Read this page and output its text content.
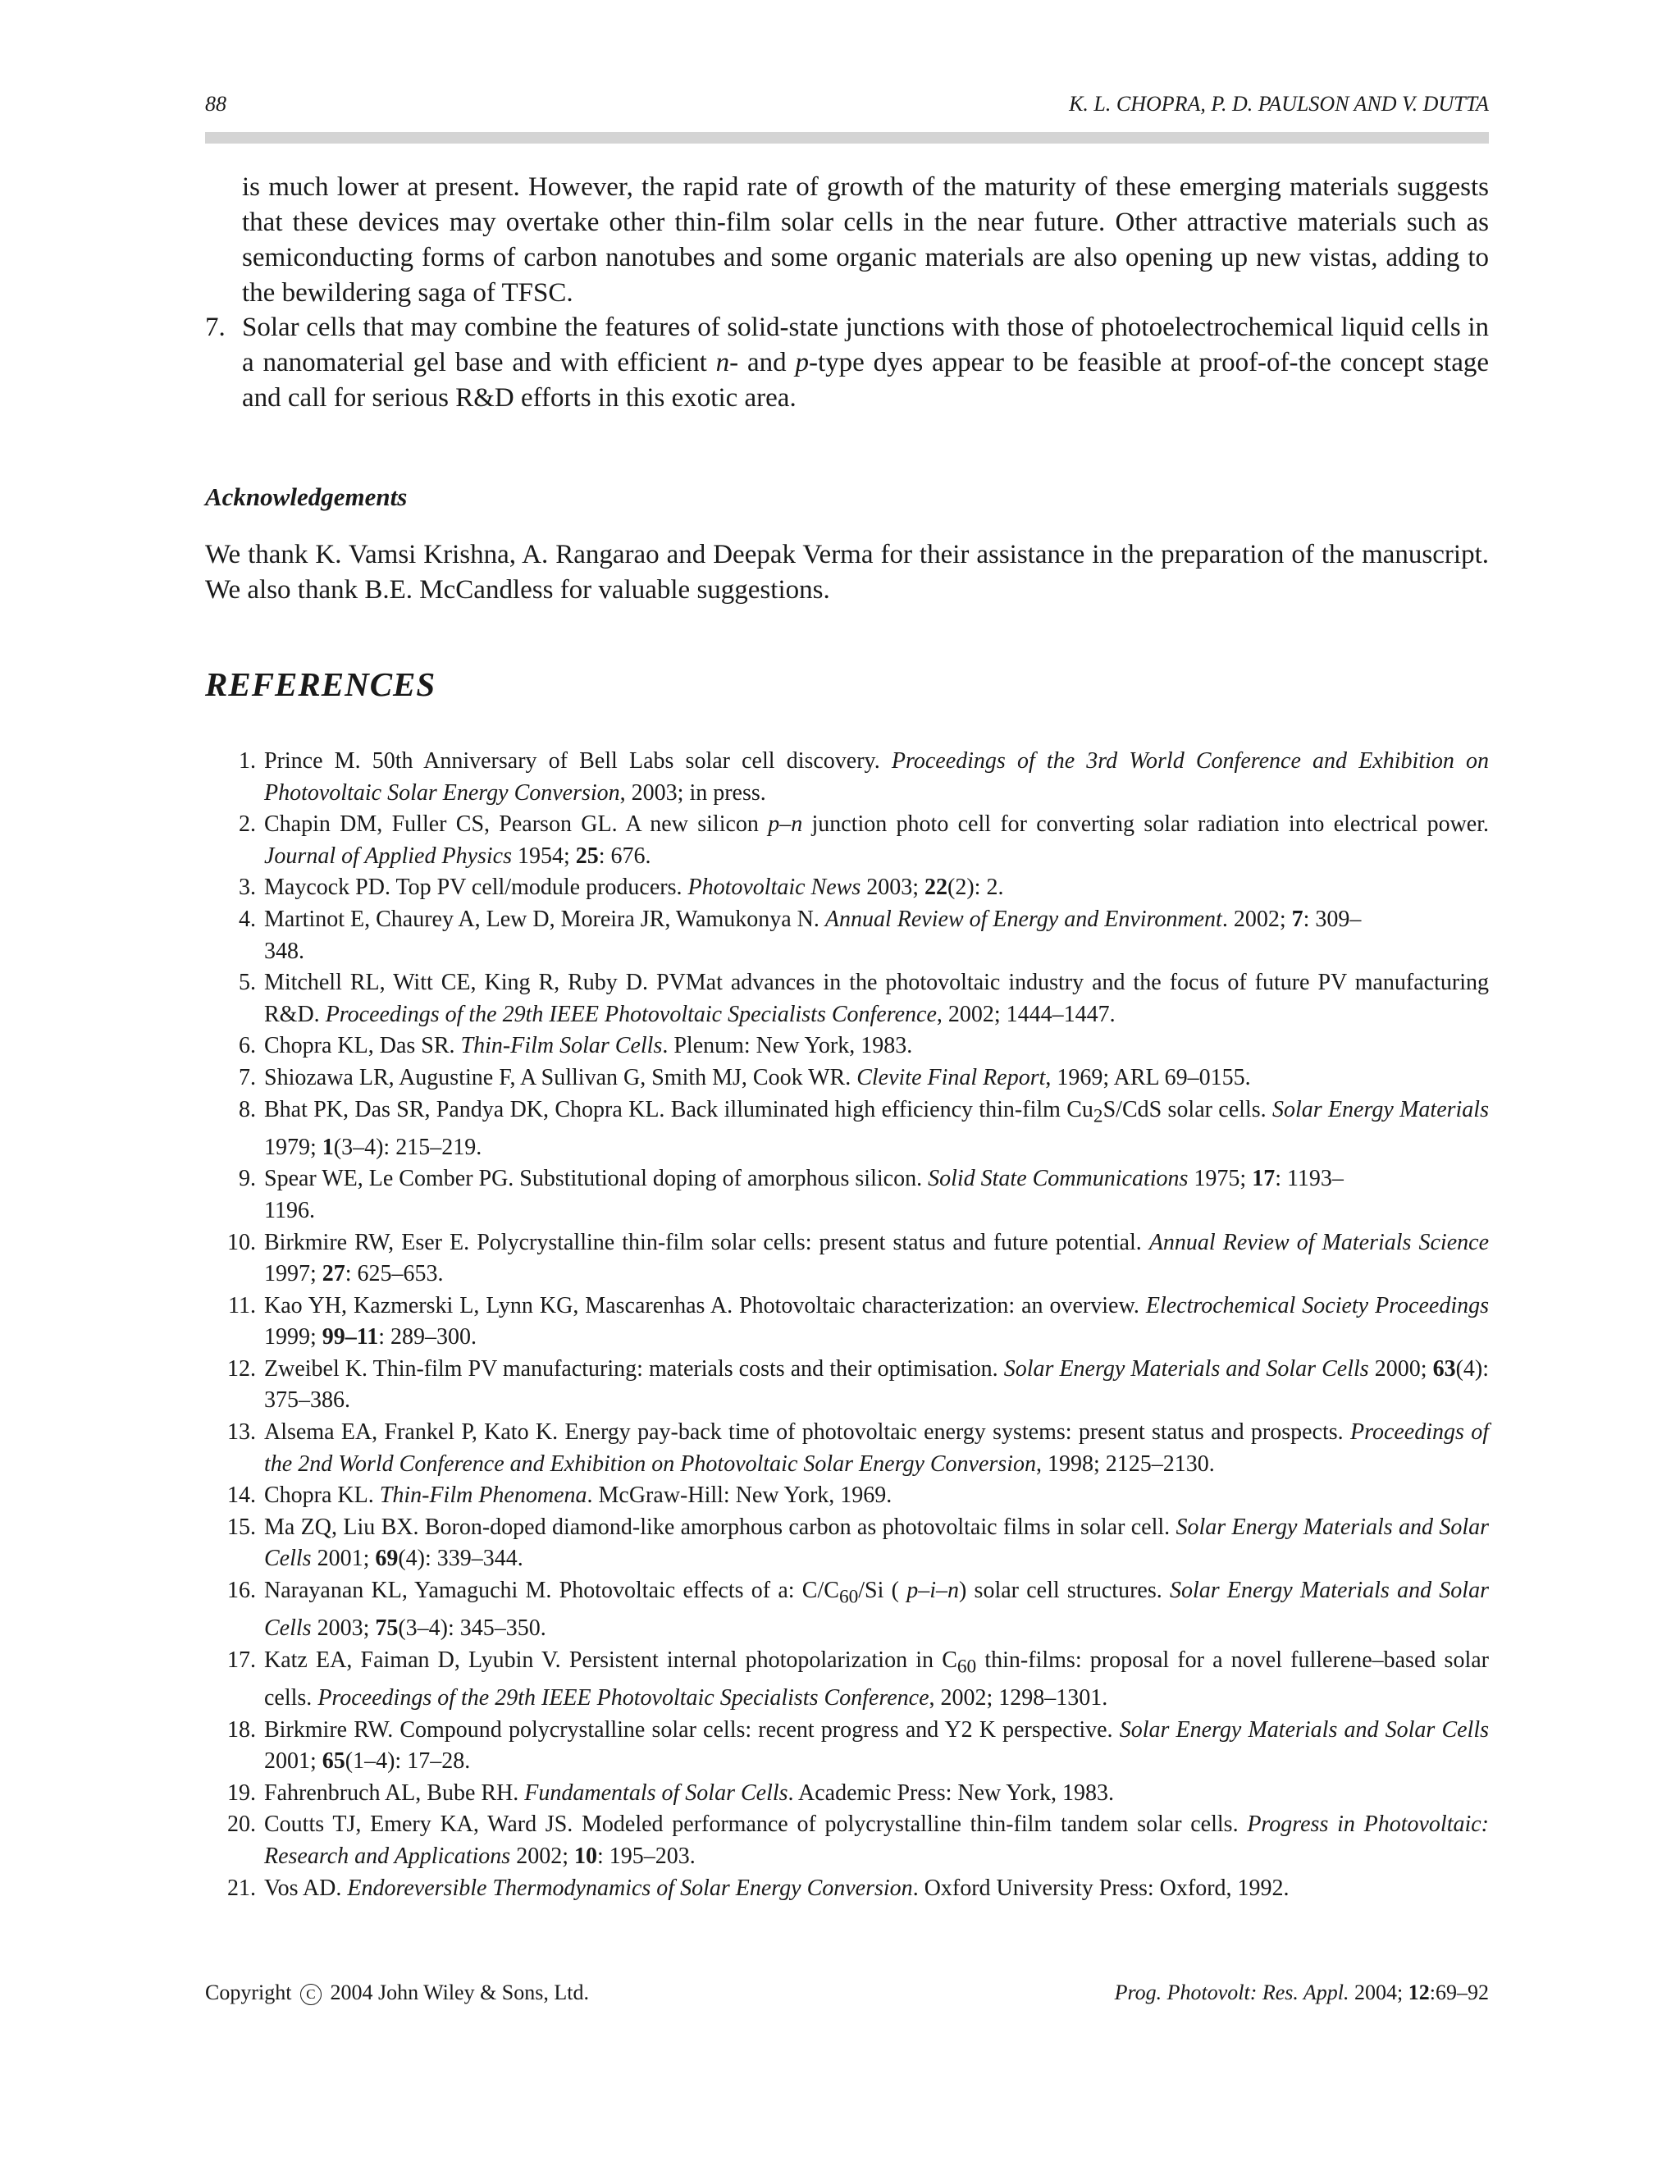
88	K. L. CHOPRA, P. D. PAULSON AND V. DUTTA

is much lower at present. However, the rapid rate of growth of the maturity of these emerging materials suggests that these devices may overtake other thin-film solar cells in the near future. Other attractive materials such as semiconducting forms of carbon nanotubes and some organic materials are also opening up new vistas, adding to the bewildering saga of TFSC.

7. Solar cells that may combine the features of solid-state junctions with those of photoelectrochemical liquid cells in a nanomaterial gel base and with efficient n- and p-type dyes appear to be feasible at proof-of-the concept stage and call for serious R&D efforts in this exotic area.
Acknowledgements

We thank K. Vamsi Krishna, A. Rangarao and Deepak Verma for their assistance in the preparation of the manuscript. We also thank B.E. McCandless for valuable suggestions.

REFERENCES
1. Prince M. 50th Anniversary of Bell Labs solar cell discovery. Proceedings of the 3rd World Conference and Exhibition on Photovoltaic Solar Energy Conversion, 2003; in press.
2. Chapin DM, Fuller CS, Pearson GL. A new silicon p–n junction photo cell for converting solar radiation into electrical power. Journal of Applied Physics 1954; 25: 676.
3. Maycock PD. Top PV cell/module producers. Photovoltaic News 2003; 22(2): 2.
4. Martinot E, Chaurey A, Lew D, Moreira JR, Wamukonya N. Annual Review of Energy and Environment. 2002; 7: 309–
348.
5. Mitchell RL, Witt CE, King R, Ruby D. PVMat advances in the photovoltaic industry and the focus of future PV manufacturing R&D. Proceedings of the 29th IEEE Photovoltaic Specialists Conference, 2002; 1444–1447.
6. Chopra KL, Das SR. Thin-Film Solar Cells. Plenum: New York, 1983.
7. Shiozawa LR, Augustine F, A Sullivan G, Smith MJ, Cook WR. Clevite Final Report, 1969; ARL 69–0155.
8. Bhat PK, Das SR, Pandya DK, Chopra KL. Back illuminated high efficiency thin-film $Cu_2S$/CdS solar cells. Solar Energy Materials 1979; 1(3–4): 215–219.
9. Spear WE, Le Comber PG. Substitutional doping of amorphous silicon. Solid State Communications 1975; 17: 1193–
1196.
10. Birkmire RW, Eser E. Polycrystalline thin-film solar cells: present status and future potential. Annual Review of Materials Science 1997; 27: 625–653.
11. Kao YH, Kazmerski L, Lynn KG, Mascarenhas A. Photovoltaic characterization: an overview. Electrochemical Society Proceedings 1999; 99–11: 289–300.
12. Zweibel K. Thin-film PV manufacturing: materials costs and their optimisation. Solar Energy Materials and Solar Cells 2000; 63(4): 375–386.
13. Alsema EA, Frankel P, Kato K. Energy pay-back time of photovoltaic energy systems: present status and prospects. Proceedings of the 2nd World Conference and Exhibition on Photovoltaic Solar Energy Conversion, 1998; 2125–2130.
14. Chopra KL. Thin-Film Phenomena. McGraw-Hill: New York, 1969.
15. Ma ZQ, Liu BX. Boron-doped diamond-like amorphous carbon as photovoltaic films in solar cell. Solar Energy Materials and Solar Cells 2001; 69(4): 339–344.
16. Narayanan KL, Yamaguchi M. Photovoltaic effects of a: $C/C_{60}/Si$ ( p–i–n) solar cell structures. Solar Energy Materials and Solar Cells 2003; 75(3–4): 345–350.
17. Katz EA, Faiman D, Lyubin V. Persistent internal photopolarization in $C_{60}$ thin-films: proposal for a novel fullerene–based solar cells. Proceedings of the 29th IEEE Photovoltaic Specialists Conference, 2002; 1298–1301.
18. Birkmire RW. Compound polycrystalline solar cells: recent progress and Y2 K perspective. Solar Energy Materials and Solar Cells 2001; 65(1–4): 17–28.
19. Fahrenbruch AL, Bube RH. Fundamentals of Solar Cells. Academic Press: New York, 1983.
20. Coutts TJ, Emery KA, Ward JS. Modeled performance of polycrystalline thin-film tandem solar cells. Progress in Photovoltaic: Research and Applications 2002; 10: 195–203.
21. Vos AD. Endoreversible Thermodynamics of Solar Energy Conversion. Oxford University Press: Oxford, 1992.
Copyright C 2004 John Wiley & Sons, Ltd.	Prog. Photovolt: Res. Appl. 2004; 12:69–92
